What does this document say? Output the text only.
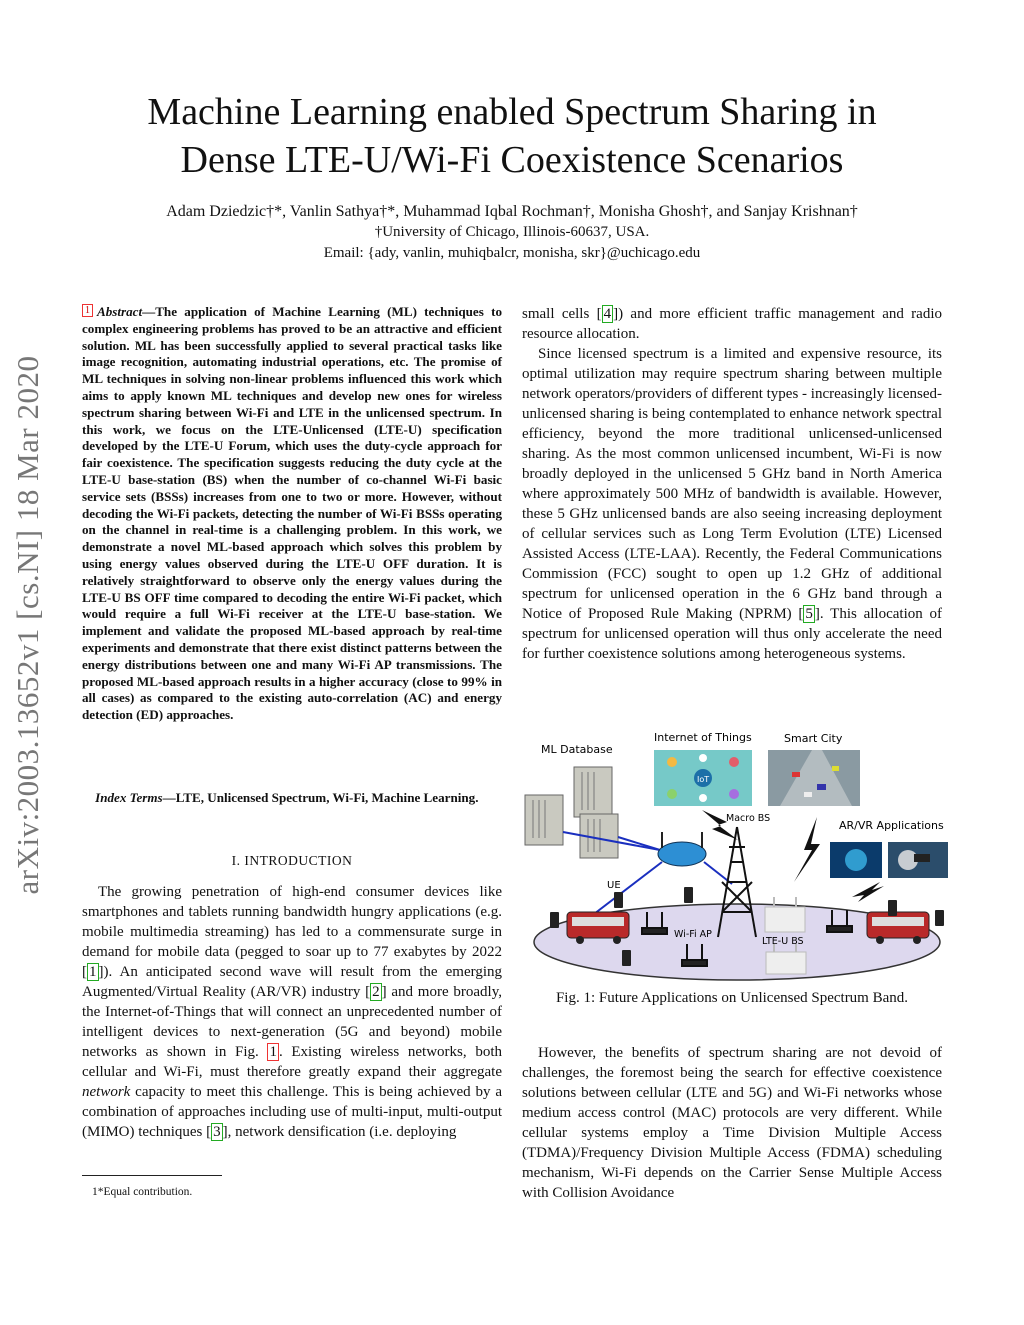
arXiv:2003.13652v1 [cs.NI] 18 Mar 2020
Machine Learning enabled Spectrum Sharing in
Dense LTE-U/Wi-Fi Coexistence Scenarios
Adam Dziedzic†*, Vanlin Sathya†*, Muhammad Iqbal Rochman†, Monisha Ghosh†, and Sanjay Krishnan†
†University of Chicago, Illinois-60637, USA.
Email: {ady, vanlin, muhiqbalcr, monisha, skr}@uchicago.edu
1 Abstract—The application of Machine Learning (ML) techniques to complex engineering problems has proved to be an attractive and efficient solution. ML has been successfully applied to several practical tasks like image recognition, automating industrial operations, etc. The promise of ML techniques in solving non-linear problems influenced this work which aims to apply known ML techniques and develop new ones for wireless spectrum sharing between Wi-Fi and LTE in the unlicensed spectrum. In this work, we focus on the LTE-Unlicensed (LTE-U) specification developed by the LTE-U Forum, which uses the duty-cycle approach for fair coexistence. The specification suggests reducing the duty cycle at the LTE-U base-station (BS) when the number of co-channel Wi-Fi basic service sets (BSSs) increases from one to two or more. However, without decoding the Wi-Fi packets, detecting the number of Wi-Fi BSSs operating on the channel in real-time is a challenging problem. In this work, we demonstrate a novel ML-based approach which solves this problem by using energy values observed during the LTE-U OFF duration. It is relatively straightforward to observe only the energy values during the LTE-U BS OFF time compared to decoding the entire Wi-Fi packet, which would require a full Wi-Fi receiver at the LTE-U base-station. We implement and validate the proposed ML-based approach by real-time experiments and demonstrate that there exist distinct patterns between the energy distributions between one and many Wi-Fi AP transmissions. The proposed ML-based approach results in a higher accuracy (close to 99% in all cases) as compared to the existing auto-correlation (AC) and energy detection (ED) approaches.
Index Terms—LTE, Unlicensed Spectrum, Wi-Fi, Machine Learning.
I. INTRODUCTION
The growing penetration of high-end consumer devices like smartphones and tablets running bandwidth hungry applications (e.g. mobile multimedia streaming) has led to a commensurate surge in demand for mobile data (pegged to soar up to 77 exabytes by 2022 [ 1 ]). An anticipated second wave will result from the emerging Augmented/Virtual Reality (AR/VR) industry [ 2 ] and more broadly, the Internet-of-Things that will connect an unprecedented number of intelligent devices to next-generation (5G and beyond) mobile networks as shown in Fig. 1 . Existing wireless networks, both cellular and Wi-Fi, must therefore greatly expand their aggregate network capacity to meet this challenge. This is being achieved by a combination of approaches including use of multi-input, multi-output (MIMO) techniques [ 3 ], network densification (i.e. deploying
1*Equal contribution.
small cells [ 4 ]) and more efficient traffic management and radio resource allocation.
Since licensed spectrum is a limited and expensive resource, its optimal utilization may require spectrum sharing between multiple network operators/providers of different types - increasingly licensed-unlicensed sharing is being contemplated to enhance network spectral efficiency, beyond the more traditional unlicensed-unlicensed sharing. As the most common unlicensed incumbent, Wi-Fi is now broadly deployed in the unlicensed 5 GHz band in North America where approximately 500 MHz of bandwidth is available. However, these 5 GHz unlicensed bands are also seeing increasing deployment of cellular services such as Long Term Evolution (LTE) Licensed Assisted Access (LTE-LAA). Recently, the Federal Communications Commission (FCC) sought to open up 1.2 GHz of additional spectrum for unlicensed operation in the 6 GHz band through a Notice of Proposed Rule Making (NPRM) [ 5 ]. This allocation of spectrum for unlicensed operation will thus only accelerate the need for further coexistence solutions among heterogeneous systems.
ML Database
Internet of Things	Smart City
Macro BS
AR/VR Applications
UE
Wi-Fi AP
LTE-U BS
IoT
Fig. 1: Future Applications on Unlicensed Spectrum Band.
However, the benefits of spectrum sharing are not devoid of challenges, the foremost being the search for effective coexistence solutions between cellular (LTE and 5G) and Wi-Fi networks whose medium access control (MAC) protocols are very different. While cellular systems employ a Time Division Multiple Access (TDMA)/Frequency Division Multiple Access (FDMA) scheduling mechanism, Wi-Fi depends on the Carrier Sense Multiple Access with Collision Avoidance
